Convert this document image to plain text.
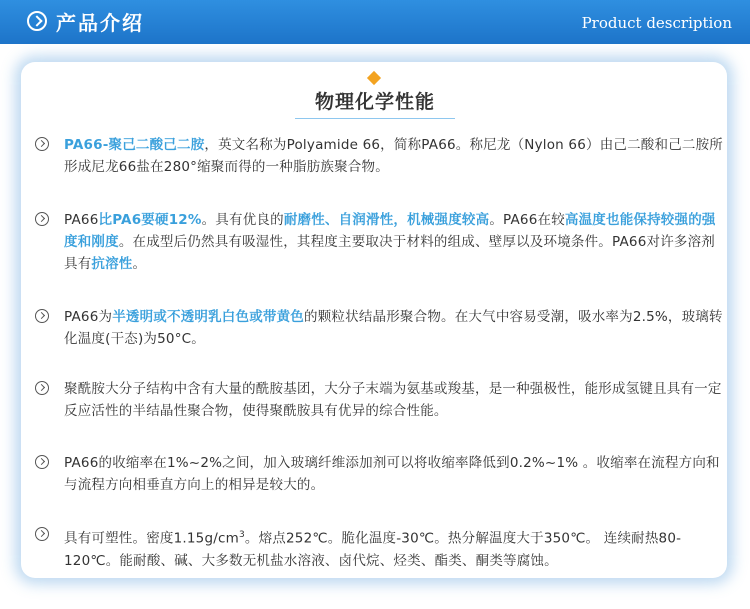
产品介绍	Product description
物理化学性能
PA66-聚己二酸己二胺，英文名称为Polyamide 66，简称PA66。称尼龙（Nylon 66）由己二酸和己二胺所形成尼龙66盐在280°缩聚而得的一种脂肪族聚合物。
PA66比PA6要硬12%。具有优良的耐磨性、自润滑性，机械强度较高。PA66在较高温度也能保持较强的强度和刚度。在成型后仍然具有吸湿性，其程度主要取决于材料的组成、壁厚以及环境条件。PA66对许多溶剂具有抗溶性。
PA66为半透明或不透明乳白色或带黄色的颗粒状结晶形聚合物。在大气中容易受潮，吸水率为2.5%，玻璃转化温度(干态)为50°C。
聚酰胺大分子结构中含有大量的酰胺基团，大分子末端为氨基或羧基，是一种强极性，能形成氢键且具有一定反应活性的半结晶性聚合物，使得聚酰胺具有优异的综合性能。
PA66的收缩率在1%~2%之间，加入玻璃纤维添加剂可以将收缩率降低到0.2%~1% 。收缩率在流程方向和与流程方向相垂直方向上的相异是较大的。
具有可塑性。密度$1.15g/cm^3$。熔点252℃。脆化温度-30℃。热分解温度大于350℃。 连续耐热80-120℃。能耐酸、碱、大多数无机盐水溶液、卤代烷、烃类、酯类、酮类等腐蚀。
